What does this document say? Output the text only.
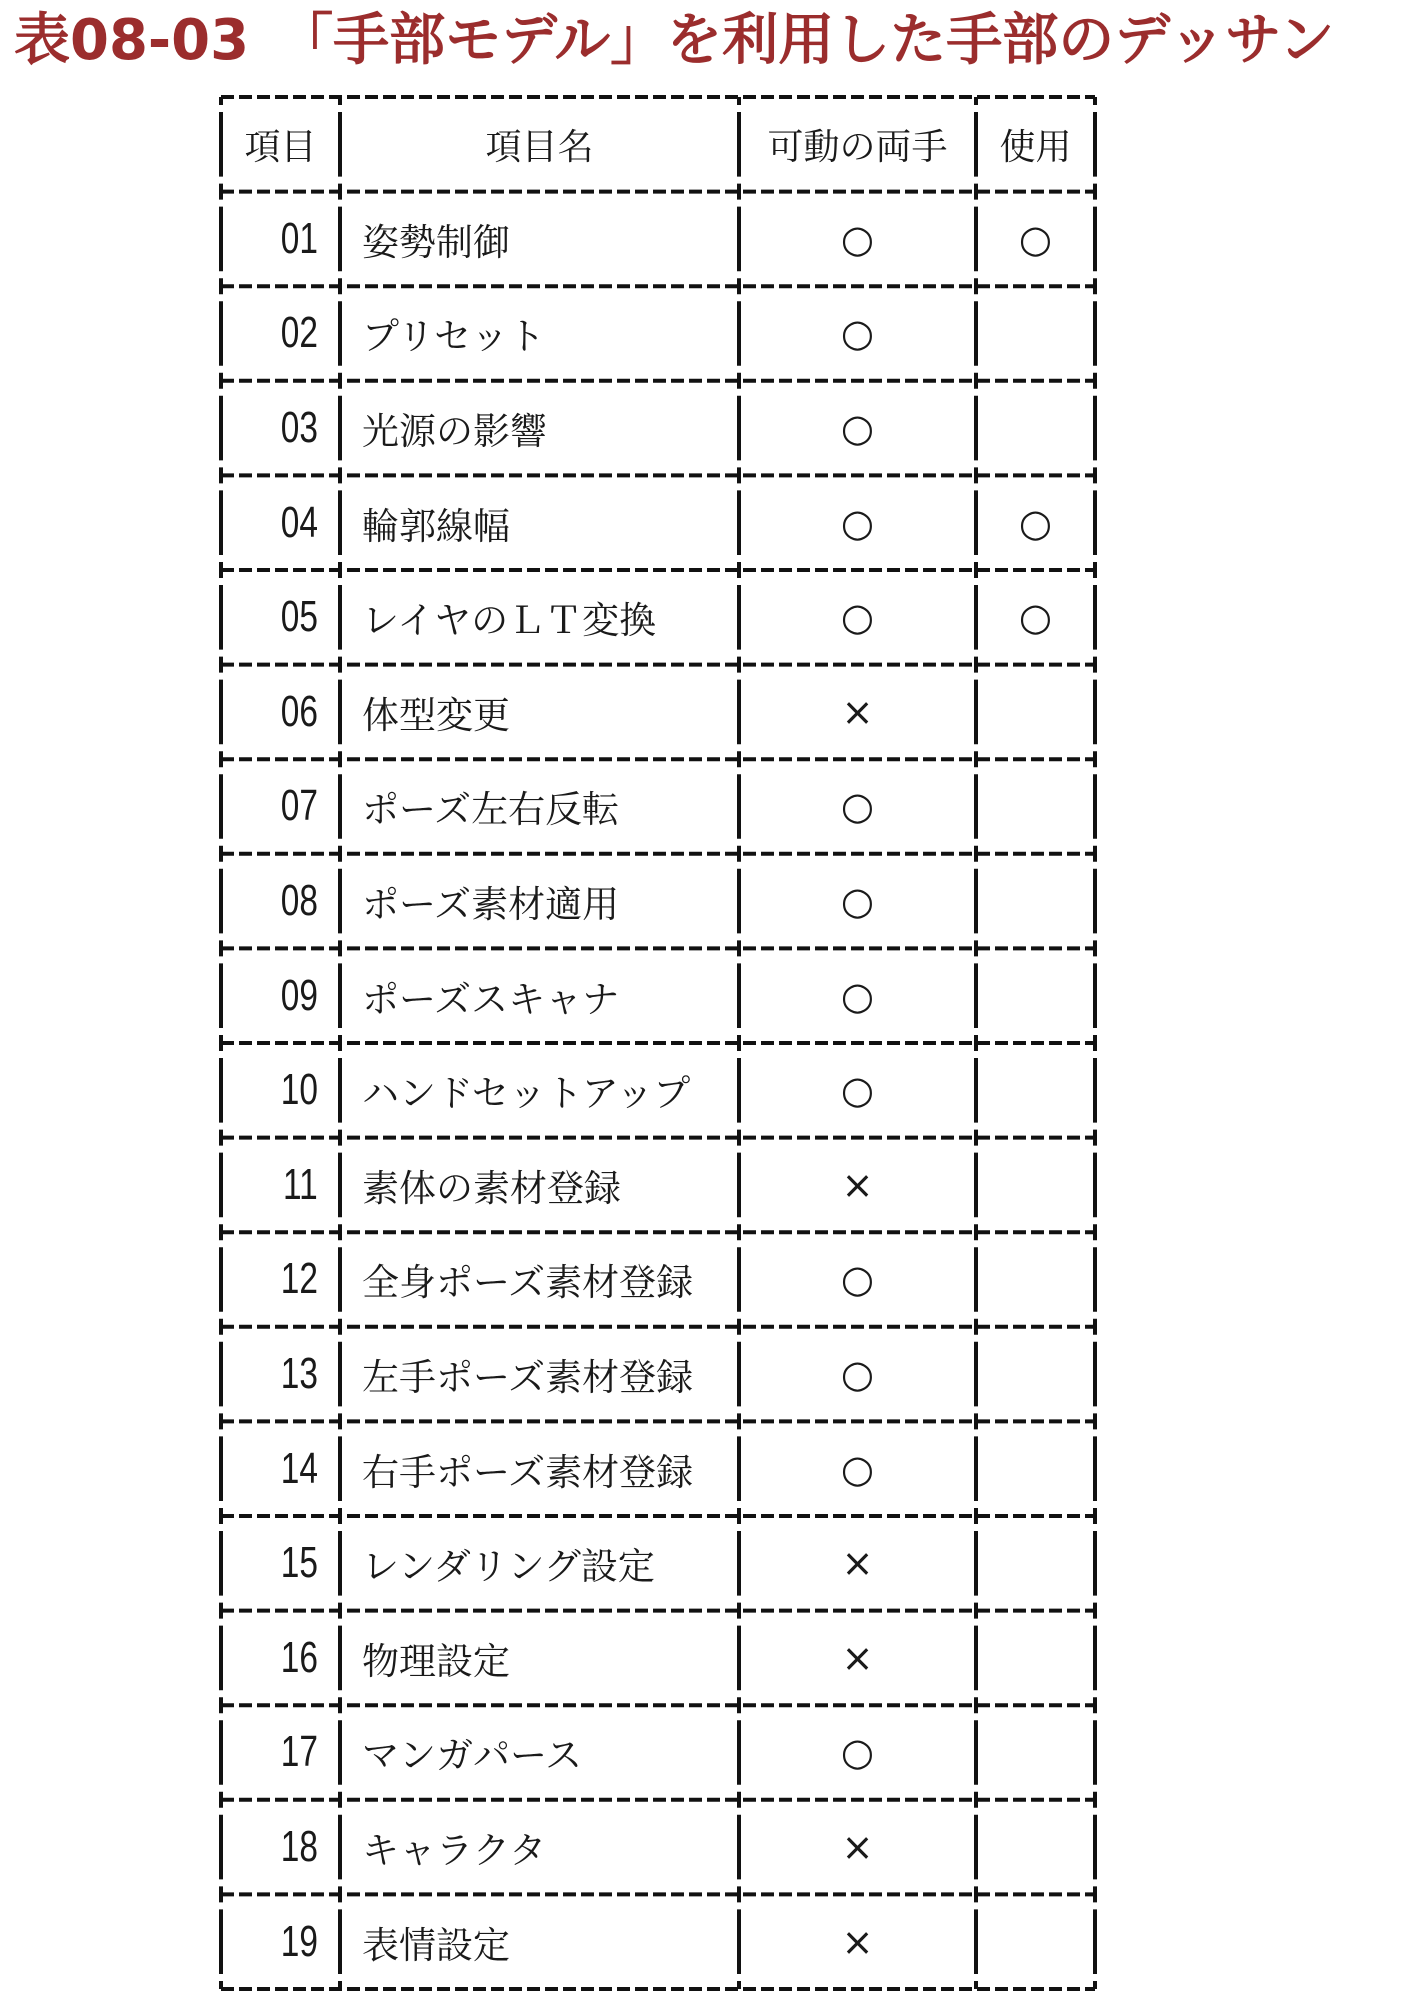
表08-03　「手部モデル」を利用した手部のデッサン
項目	項目名	可動の両手 使用
01 姿勢制御	○	○
02 プリセット	○
03 光源の影響	○
04 輪郭線幅	○	○
05 レイヤのＬＴ変換	○	○
06 体型変更	×
07 ポーズ左右反転	○
08 ポーズ素材適用	○
09 ポーズスキャナ	○
10 ハンドセットアップ	○
11 素体の素材登録	×
12 全身ポーズ素材登録	○
13 左手ポーズ素材登録	○
14 右手ポーズ素材登録	○
15 レンダリング設定	×
16 物理設定	×
17 マンガパース	○
18 キャラクタ	×
19 表情設定	×
